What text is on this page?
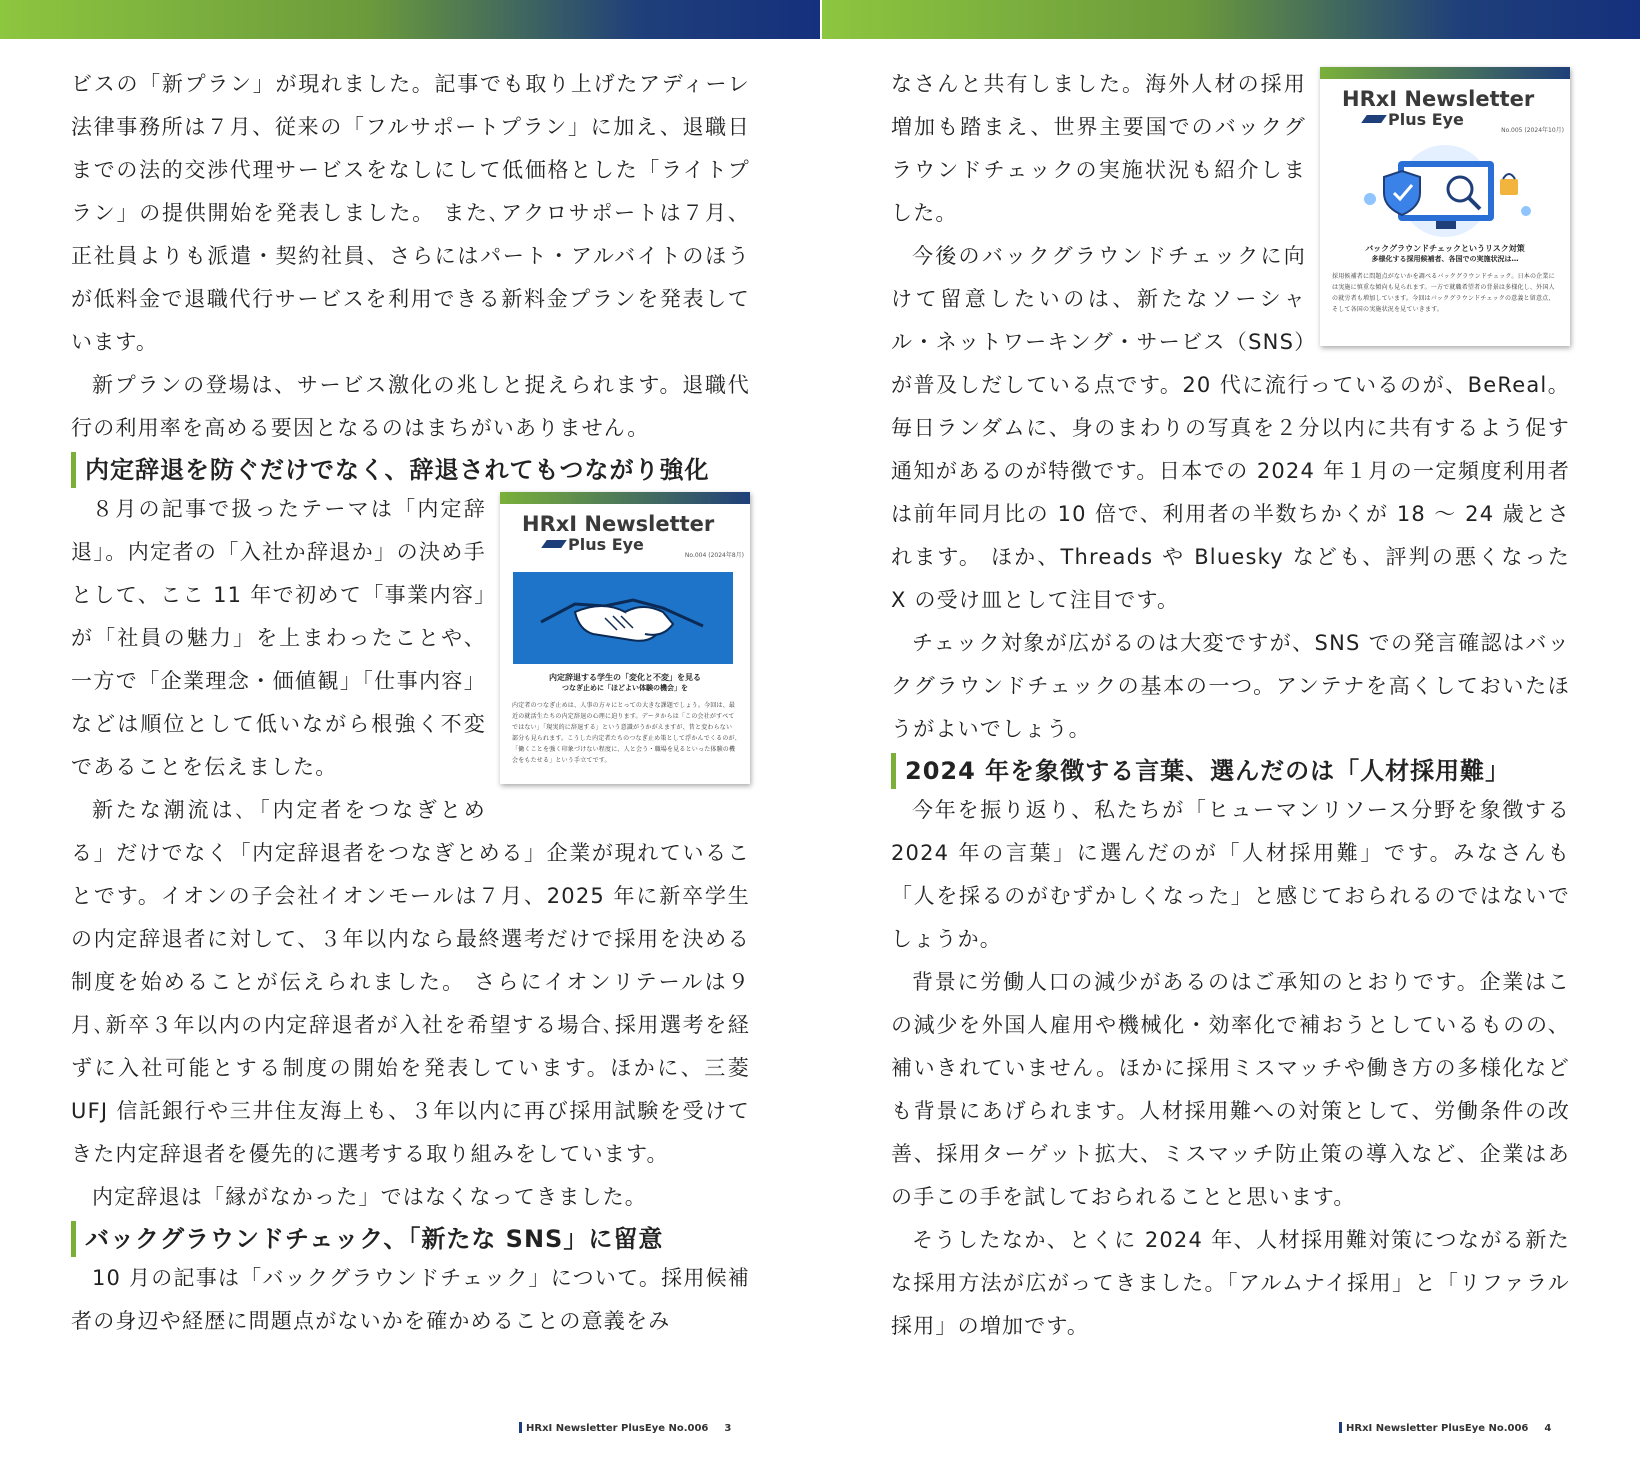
ビスの「新プラン」が現れました。記事でも取り上げたアディーレ法律事務所は７月、従来の「フルサポートプラン」に加え、退職日までの法的交渉代理サービスをなしにして低価格とした「ライトプラン」の提供開始を発表しました。 また､アクロサポートは７月、正社員よりも派遣・契約社員、さらにはパート・アルバイトのほうが低料金で退職代行サービスを利用できる新料金プランを発表しています。

新プランの登場は、サービス激化の兆しと捉えられます。退職代行の利用率を高める要因となるのはまちがいありません。

内定辞退を防ぐだけでなく、辞退されてもつながり強化
HRxI Newsletter
Plus Eye
No.004 (2024年8月)
内定辞退する学生の「変化と不変」を見る
つなぎ止めに「ほどよい体験の機会」を
内定者のつなぎ止めは、人事の方々にとっての大きな課題でしょう。今回は、最近の就活生たちの内定辞退の心理に迫ります。データからは「この会社がすべてではない」「現実的に辞退する」という意識がうかがえますが、昔と変わらない部分も見られます。こうした内定者たちのつなぎ止め策として浮かんでくるのが､「働くことを強く印象づけない程度に、人と会う・職場を見るといった体験の機会をもたせる」という手立てです。

８月の記事で扱ったテーマは「内定辞退」。内定者の「入社か辞退か」の決め手として、ここ 11 年で初めて「事業内容」が「社員の魅力」を上まわったことや、一方で「企業理念・価値観」「仕事内容」などは順位として低いながら根強く不変であることを伝えました。

新たな潮流は､「内定者をつなぎとめる」だけでなく「内定辞退者をつなぎとめる」企業が現れていることです。イオンの子会社イオンモールは７月、2025 年に新卒学生の内定辞退者に対して、３年以内なら最終選考だけで採用を決める制度を始めることが伝えられました。 さらにイオンリテールは９月､新卒３年以内の内定辞退者が入社を希望する場合､採用選考を経ずに入社可能とする制度の開始を発表しています。ほかに、三菱 UFJ 信託銀行や三井住友海上も、３年以内に再び採用試験を受けてきた内定辞退者を優先的に選考する取り組みをしています。

内定辞退は「縁がなかった」ではなくなってきました。

バックグラウンドチェック、「新たな SNS」に留意

10 月の記事は「バックグラウンドチェック」について。採用候補者の身辺や経歴に問題点がないかを確かめることの意義をみ

HRxI Newsletter PlusEye No.006 3
HRxI Newsletter
Plus Eye
No.005 (2024年10月)
バックグラウンドチェックというリスク対策
多様化する採用候補者、各国での実施状況は…
採用候補者に問題点がないかを調べるバックグラウンドチェック。日本の企業には実施に慎重な傾向も見られます。一方で就職希望者の背景は多様化し、外国人の就労者も増加しています。今回はバックグラウンドチェックの意義と留意点、そして各国の実施状況を見ていきます。

なさんと共有しました。海外人材の採用増加も踏まえ、世界主要国でのバックグラウンドチェックの実施状況も紹介しました。

今後のバックグラウンドチェックに向けて留意したいのは、新たなソーシャル・ネットワーキング・サービス（SNS）が普及しだしている点です。20 代に流行っているのが、BeReal。 毎日ランダムに、身のまわりの写真を２分以内に共有するよう促す通知があるのが特徴です。日本での 2024 年１月の一定頻度利用者は前年同月比の 10 倍で、利用者の半数ちかくが 18 〜 24 歳とされます。 ほか、Threads や Bluesky なども、評判の悪くなった X の受け皿として注目です。

チェック対象が広がるのは大変ですが、SNS での発言確認はバックグラウンドチェックの基本の一つ。アンテナを高くしておいたほうがよいでしょう。

2024 年を象徴する言葉、選んだのは「人材採用難」

今年を振り返り、私たちが「ヒューマンリソース分野を象徴する 2024 年の言葉」に選んだのが「人材採用難」です。みなさんも「人を採るのがむずかしくなった」と感じておられるのではないでしょうか。

背景に労働人口の減少があるのはご承知のとおりです。企業はこの減少を外国人雇用や機械化・効率化で補おうとしているものの、補いきれていません。ほかに採用ミスマッチや働き方の多様化なども背景にあげられます。人材採用難への対策として、労働条件の改善、採用ターゲット拡大、ミスマッチ防止策の導入など、企業はあの手この手を試しておられることと思います。

そうしたなか、とくに 2024 年、人材採用難対策につながる新たな採用方法が広がってきました｡「アルムナイ採用」と「リファラル採用」の増加です。

HRxI Newsletter PlusEye No.006 4
